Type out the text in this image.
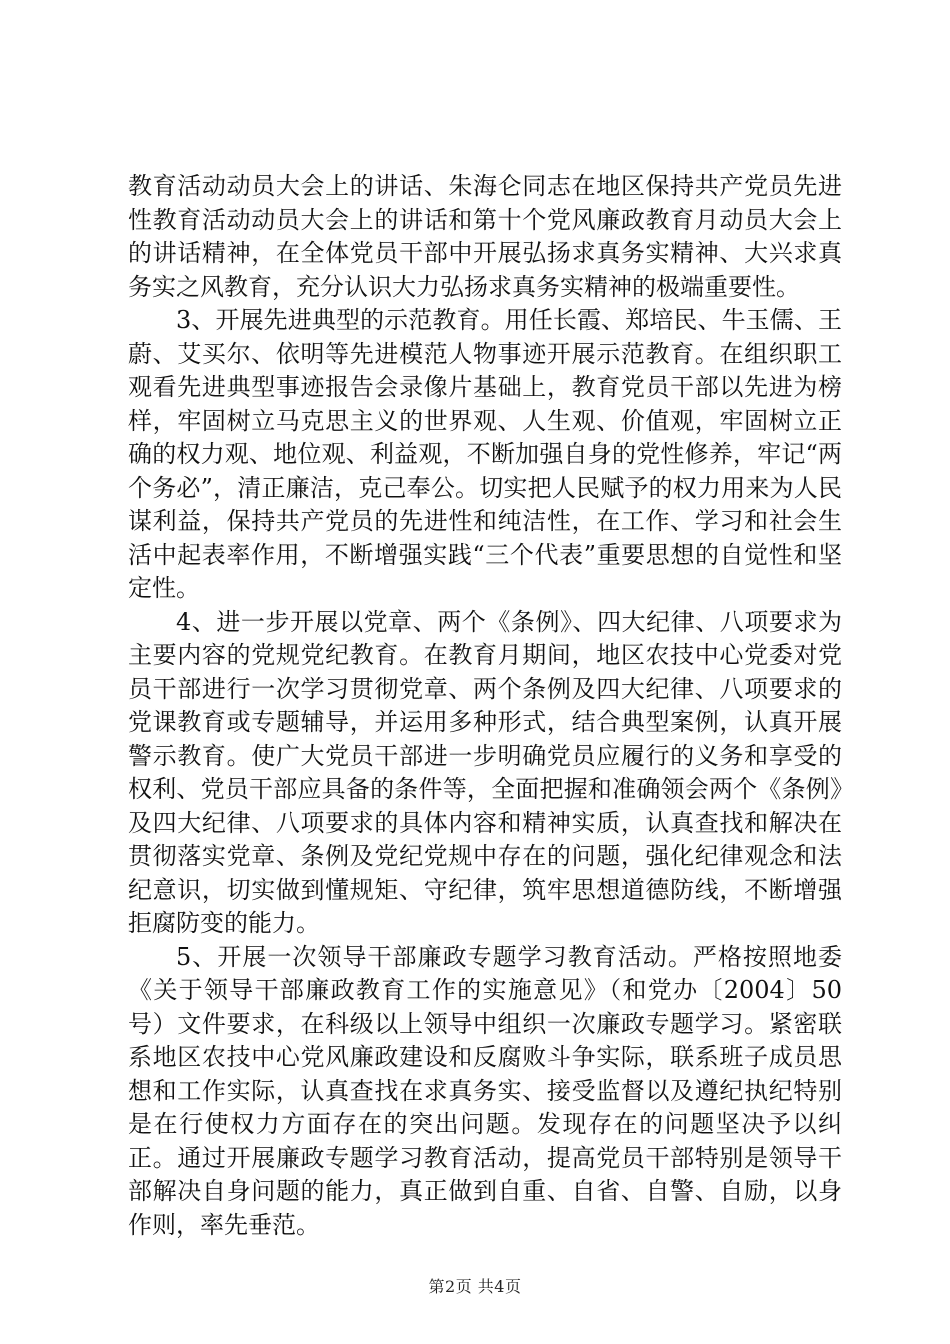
教育活动动员大会上的讲话、朱海仑同志在地区保持共产党员先进性教育活动动员大会上的讲话和第十个党风廉政教育月动员大会上的讲话精神，在全体党员干部中开展弘扬求真务实精神、大兴求真务实之风教育，充分认识大力弘扬求真务实精神的极端重要性。

3、开展先进典型的示范教育。用任长霞、郑培民、牛玉儒、王蔚、艾买尔、依明等先进模范人物事迹开展示范教育。在组织职工观看先进典型事迹报告会录像片基础上，教育党员干部以先进为榜样，牢固树立马克思主义的世界观、人生观、价值观，牢固树立正确的权力观、地位观、利益观，不断加强自身的党性修养，牢记“两个务必”，清正廉洁，克己奉公。切实把人民赋予的权力用来为人民谋利益，保持共产党员的先进性和纯洁性，在工作、学习和社会生活中起表率作用，不断增强实践“三个代表”重要思想的自觉性和坚定性。

4、进一步开展以党章、两个《条例》、四大纪律、八项要求为主要内容的党规党纪教育。在教育月期间，地区农技中心党委对党员干部进行一次学习贯彻党章、两个条例及四大纪律、八项要求的党课教育或专题辅导，并运用多种形式，结合典型案例，认真开展警示教育。使广大党员干部进一步明确党员应履行的义务和享受的权利、党员干部应具备的条件等，全面把握和准确领会两个《条例》及四大纪律、八项要求的具体内容和精神实质，认真查找和解决在贯彻落实党章、条例及党纪党规中存在的问题，强化纪律观念和法纪意识，切实做到懂规矩、守纪律，筑牢思想道德防线，不断增强拒腐防变的能力。

5、开展一次领导干部廉政专题学习教育活动。严格按照地委《关于领导干部廉政教育工作的实施意见》（和党办〔2004〕50号）文件要求，在科级以上领导中组织一次廉政专题学习。紧密联系地区农技中心党风廉政建设和反腐败斗争实际，联系班子成员思想和工作实际，认真查找在求真务实、接受监督以及遵纪执纪特别是在行使权力方面存在的突出问题。发现存在的问题坚决予以纠正。通过开展廉政专题学习教育活动，提高党员干部特别是领导干部解决自身问题的能力，真正做到自重、自省、自警、自励，以身作则，率先垂范。

第2页 共4页
